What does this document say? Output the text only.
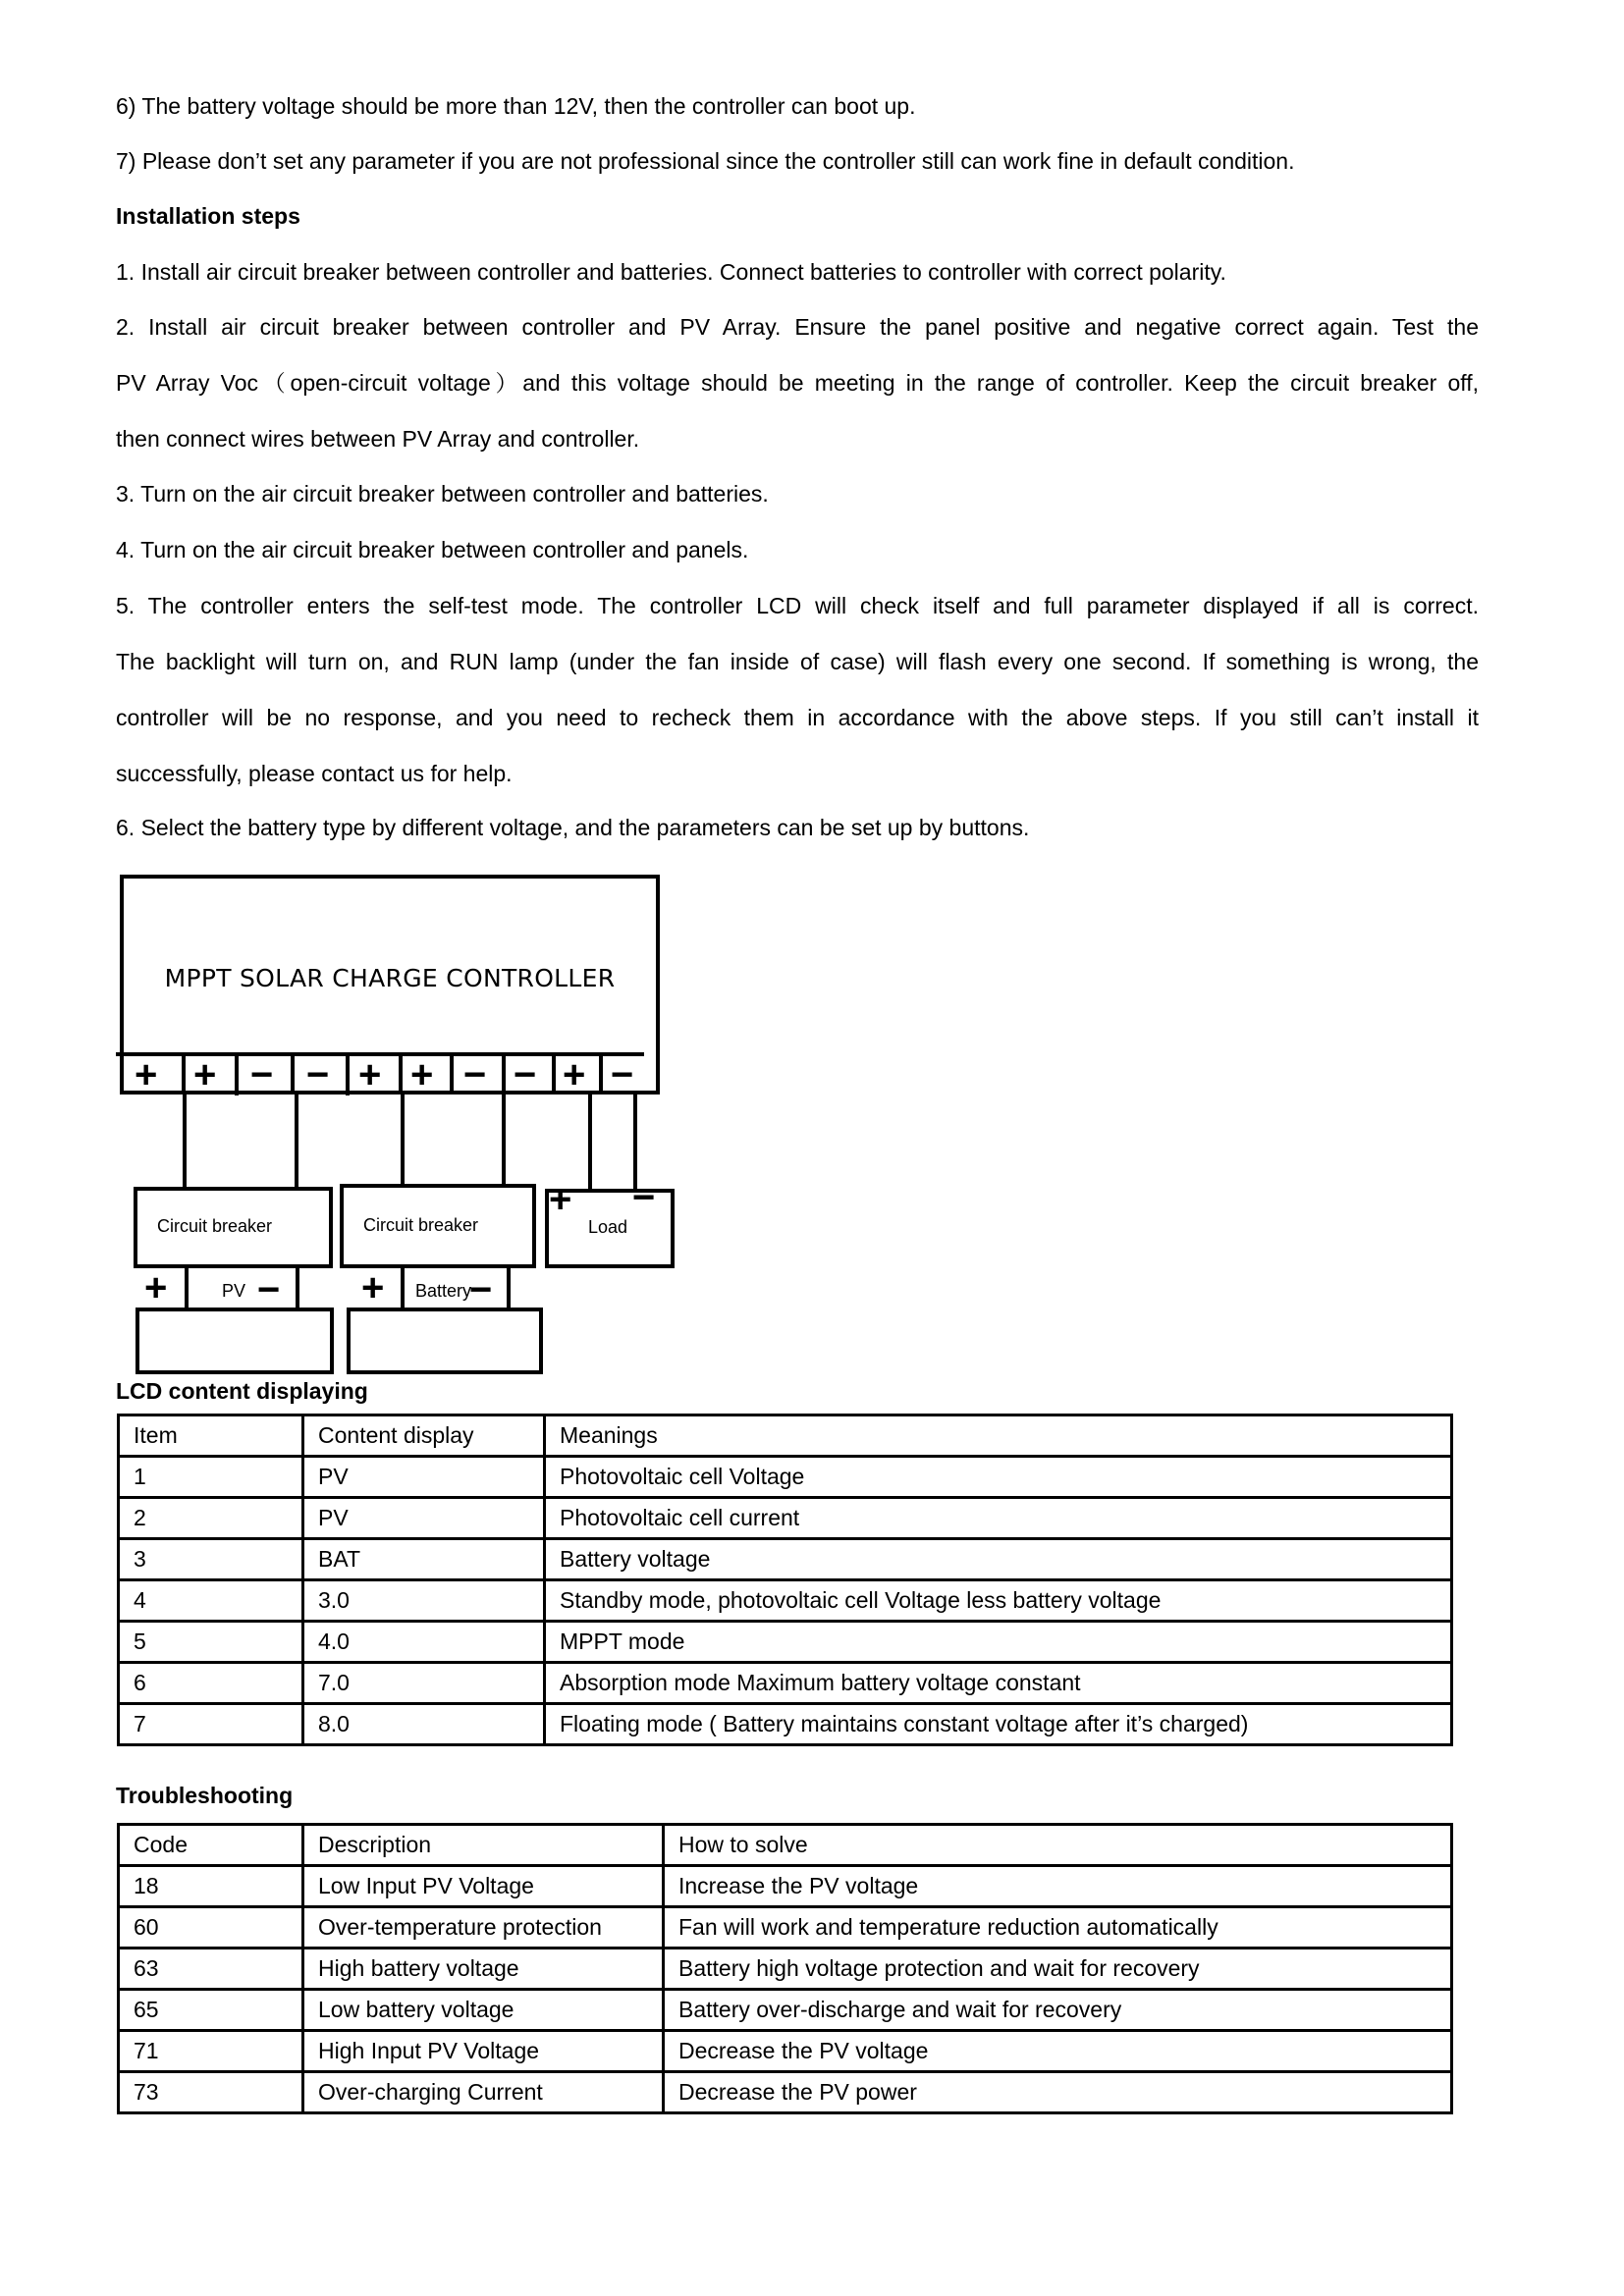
6) The battery voltage should be more than 12V, then the controller can boot up.
7) Please don’t set any parameter if you are not professional since the controller still can work fine in default condition.
Installation steps
1. Install air circuit breaker between controller and batteries. Connect batteries to controller with correct polarity.
2. Install air circuit breaker between controller and PV Array. Ensure the panel positive and negative correct again. Test the
PV Array Voc（open-circuit voltage）and this voltage should be meeting in the range of controller. Keep the circuit breaker off,
then connect wires between PV Array and controller.
3. Turn on the air circuit breaker between controller and batteries.
4. Turn on the air circuit breaker between controller and panels.
5. The controller enters the self-test mode. The controller LCD will check itself and full parameter displayed if all is correct.
The backlight will turn on, and RUN lamp (under the fan inside of case) will flash every one second. If something is wrong, the
controller will be no response, and you need to recheck them in accordance with the above steps. If you still can’t install it
successfully, please contact us for help.
6. Select the battery type by different voltage, and the parameters can be set up by buttons.
MPPT SOLAR CHARGE CONTROLLER
+ + − − + + − − + −
Circuit breaker	Circuit breaker	Load
+ −
+ − + −
PV	Battery
LCD content displaying
Item	Content display	Meanings
1	PV	Photovoltaic cell Voltage
2	PV	Photovoltaic cell current
3	BAT	Battery voltage
4	3.0	Standby mode, photovoltaic cell Voltage less battery voltage
5	4.0	MPPT mode
6	7.0	Absorption mode Maximum battery voltage constant
7	8.0	Floating mode ( Battery maintains constant voltage after it’s charged)
Troubleshooting
Code	Description	How to solve
18	Low Input PV Voltage	Increase the PV voltage
60	Over-temperature protection	Fan will work and temperature reduction automatically
63	High battery voltage	Battery high voltage protection and wait for recovery
65	Low battery voltage	Battery over-discharge and wait for recovery
71	High Input PV Voltage	Decrease the PV voltage
73	Over-charging Current	Decrease the PV power
